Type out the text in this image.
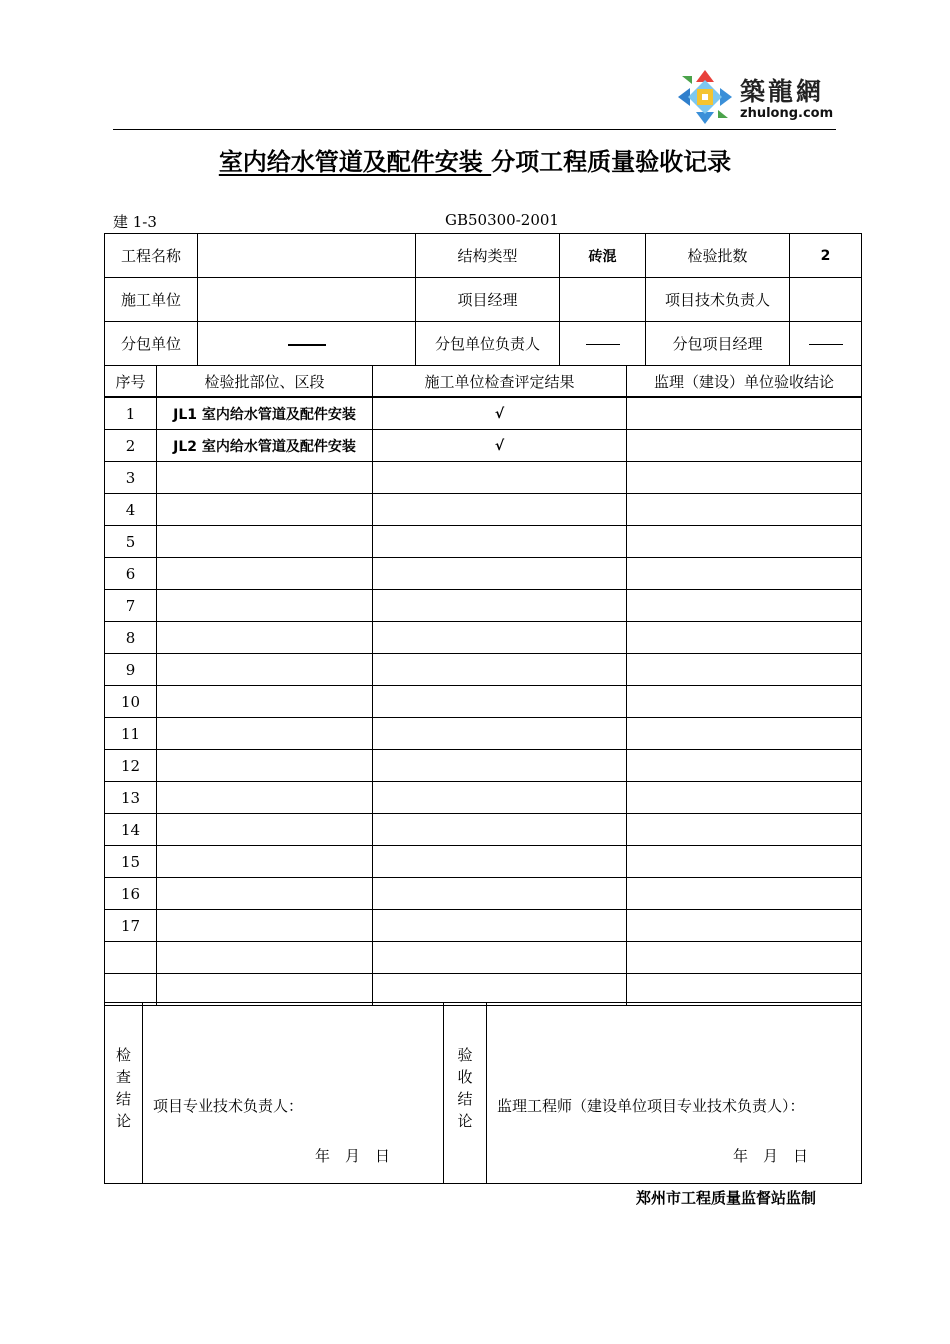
築龍網
zhulong.com
室内给水管道及配件安装 分项工程质量验收记录
建 1-3	GB50300-2001
工程名称		结构类型	砖混	检验批数	2
施工单位		项目经理		项目技术负责人	
分包单位		分包单位负责人		分包项目经理	
序号	检验批部位、区段	施工单位检查评定结果	监理（建设）单位验收结论
1	JL1 室内给水管道及配件安装	√	
2	JL2 室内给水管道及配件安装	√	
3			
4			
5			
6			
7			
8			
9			
10			
11			
12			
13			
14			
15			
16			
17			

检查结论	项目专业技术负责人：
年 月 日
	验收结论	监理工程师（建设单位项目专业技术负责人）：
年 月 日
郑州市工程质量监督站监制
